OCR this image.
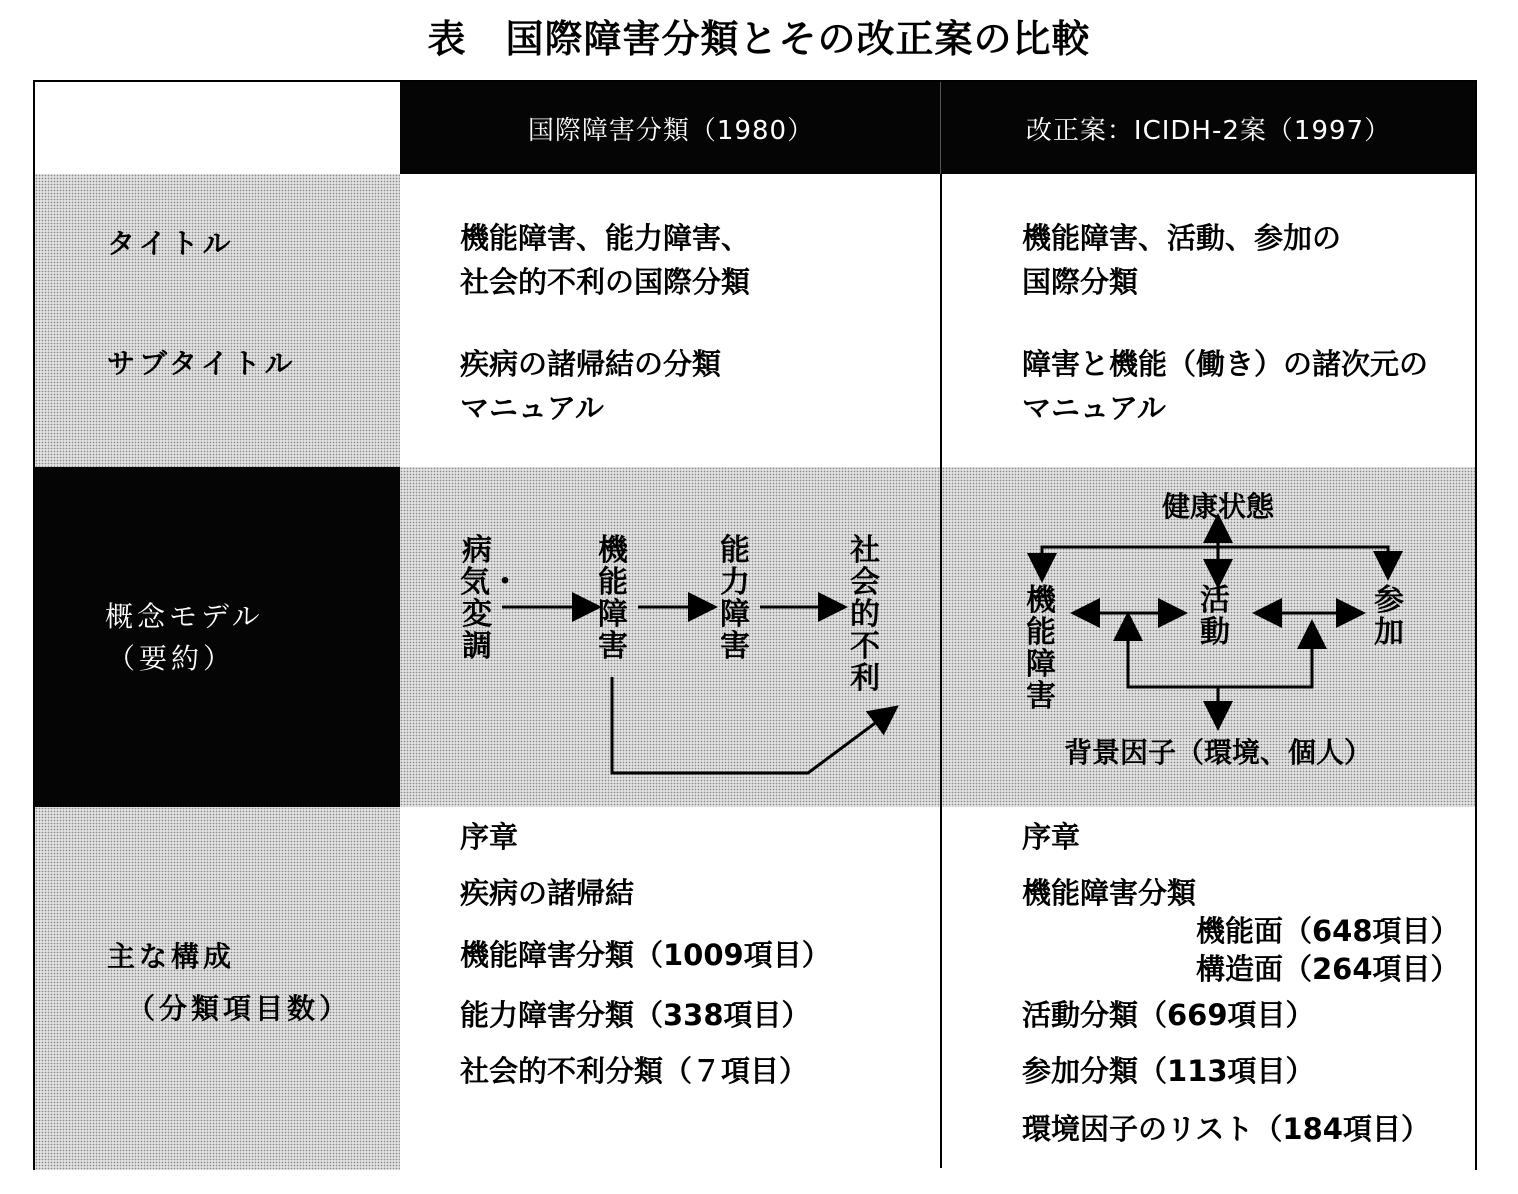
表　国際障害分類とその改正案の比較
国際障害分類（1980）	改正案：ICIDH-2案（1997）
タイトル
サブタイトル
機能障害、能力障害、
社会的不利の国際分類
疾病の諸帰結の分類
マニュアル
機能障害、活動、参加の
国際分類
障害と機能（働き）の諸次元の
マニュアル
概念モデル
（要約）
病気・変調
機能障害
能力障害
社会的不利
健康状態
機能障害
活動
参加
背景因子（環境、個人）
主な構成
（分類項目数）
序章
疾病の諸帰結
機能障害分類（1009項目）
能力障害分類（338項目）
社会的不利分類（７項目）
序章
機能障害分類
機能面（648項目）
構造面（264項目）
活動分類（669項目）
参加分類（113項目）
環境因子のリスト（184項目）
